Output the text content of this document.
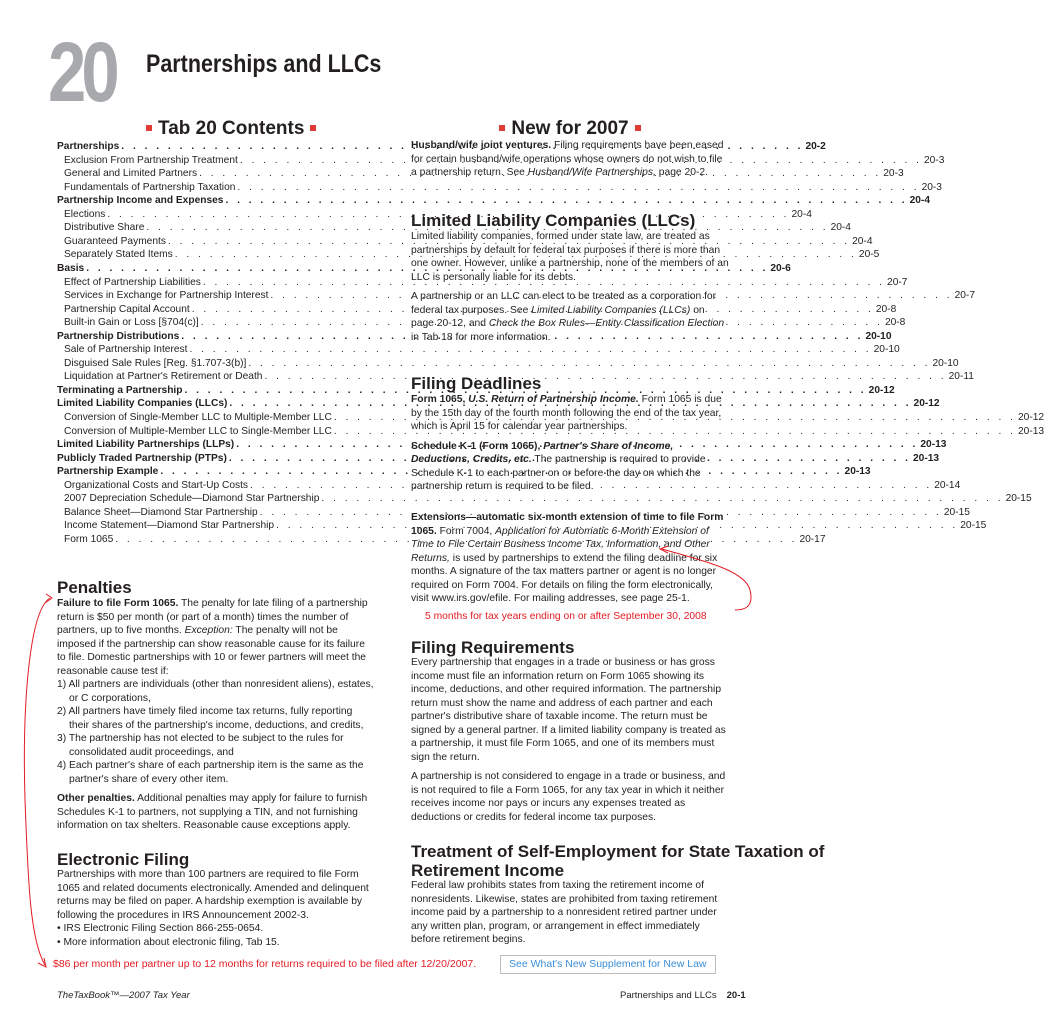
20 Partnerships and LLCs
Tab 20 Contents
Partnerships . . .	20-2
Exclusion From Partnership Treatment . . .	20-3
General and Limited Partners . . .	20-3
Fundamentals of Partnership Taxation . . .	20-3
Partnership Income and Expenses . . .	20-4
Elections . . .	20-4
Distributive Share . . .	20-4
Guaranteed Payments . . .	20-4
Separately Stated Items . . .	20-5
Basis . . .	20-6
Effect of Partnership Liabilities . . .	20-7
Services in Exchange for Partnership Interest . . .	20-7
Partnership Capital Account . . .	20-8
Built-in Gain or Loss [§704(c)] . . .	20-8
Partnership Distributions . . .	20-10
Sale of Partnership Interest . . .	20-10
Disguised Sale Rules [Reg. §1.707-3(b)] . . .	20-10
Liquidation at Partner's Retirement or Death . . .	20-11
Terminating a Partnership . . .	20-12
Limited Liability Companies (LLCs) . . .	20-12
Conversion of Single-Member LLC to Multiple-Member LLC . . .	20-12
Conversion of Multiple-Member LLC to Single-Member LLC . . .	20-13
Limited Liability Partnerships (LLPs) . . .	20-13
Publicly Traded Partnership (PTPs) . . .	20-13
Partnership Example . . .	20-13
Organizational Costs and Start-Up Costs . . .	20-14
2007 Depreciation Schedule—Diamond Star Partnership . . .	20-15
Balance Sheet—Diamond Star Partnership . . .	20-15
Income Statement—Diamond Star Partnership . . .	20-15
Form 1065 . . .	20-17
Penalties
Failure to file Form 1065. The penalty for late filing of a partnership return is $50 per month (or part of a month) times the number of partners, up to five months. Exception: The penalty will not be imposed if the partnership can show reasonable cause for its failure to file. Domestic partnerships with 10 or fewer partners will meet the reasonable cause test if:
1) All partners are individuals (other than nonresident aliens), estates, or C corporations,
2) All partners have timely filed income tax returns, fully reporting their shares of the partnership's income, deductions, and credits,
3) The partnership has not elected to be subject to the rules for consolidated audit proceedings, and
4) Each partner's share of each partnership item is the same as the partner's share of every other item.
Other penalties. Additional penalties may apply for failure to furnish Schedules K-1 to partners, not supplying a TIN, and not furnishing information on tax shelters. Reasonable cause exceptions apply.
Electronic Filing
Partnerships with more than 100 partners are required to file Form 1065 and related documents electronically. Amended and delinquent returns may be filed on paper. A hardship exemption is available by following the procedures in IRS Announcement 2002-3.
• IRS Electronic Filing Section 866-255-0654.
• More information about electronic filing, Tab 15.
New for 2007
Husband/wife joint ventures. Filing requirements have been eased for certain husband/wife operations whose owners do not wish to file a partnership return. See Husband/Wife Partnerships, page 20-2.
Limited Liability Companies (LLCs)
Limited liability companies, formed under state law, are treated as partnerships by default for federal tax purposes if there is more than one owner. However, unlike a partnership, none of the members of an LLC is personally liable for its debts.
A partnership or an LLC can elect to be treated as a corporation for federal tax purposes. See Limited Liability Companies (LLCs) on page 20-12, and Check the Box Rules—Entity Classification Election in Tab 18 for more information.
Filing Deadlines
Form 1065, U.S. Return of Partnership Income. Form 1065 is due by the 15th day of the fourth month following the end of the tax year, which is April 15 for calendar year partnerships.
Schedule K-1 (Form 1065), Partner's Share of Income, Deductions, Credits, etc. The partnership is required to provide Schedule K-1 to each partner on or before the day on which the partnership return is required to be filed.
Extensions—automatic six-month extension of time to file Form 1065. Form 7004, Application for Automatic 6-Month Extension of Time to File Certain Business Income Tax, Information, and Other Returns, is used by partnerships to extend the filing deadline for six months. A signature of the tax matters partner or agent is no longer required on Form 7004. For details on filing the form electronically, visit www.irs.gov/efile. For mailing addresses, see page 25-1.
5 months for tax years ending on or after September 30, 2008
Filing Requirements
Every partnership that engages in a trade or business or has gross income must file an information return on Form 1065 showing its income, deductions, and other required information. The partnership return must show the name and address of each partner and each partner's distributive share of taxable income. The return must be signed by a general partner. If a limited liability company is treated as a partnership, it must file Form 1065, and one of its members must sign the return.
A partnership is not considered to engage in a trade or business, and is not required to file a Form 1065, for any tax year in which it neither receives income nor pays or incurs any expenses treated as deductions or credits for federal income tax purposes.
Treatment of Self-Employment for State Taxation of
Retirement Income
Federal law prohibits states from taxing the retirement income of nonresidents. Likewise, states are prohibited from taxing retirement income paid by a partnership to a nonresident retired partner under any written plan, program, or arrangement in effect immediately before retirement begins.
$86 per month per partner up to 12 months for returns required to be filed after 12/20/2007.	See What's New Supplement for New Law
TheTaxBook™—2007 Tax Year	Partnerships and LLCs 20-1
